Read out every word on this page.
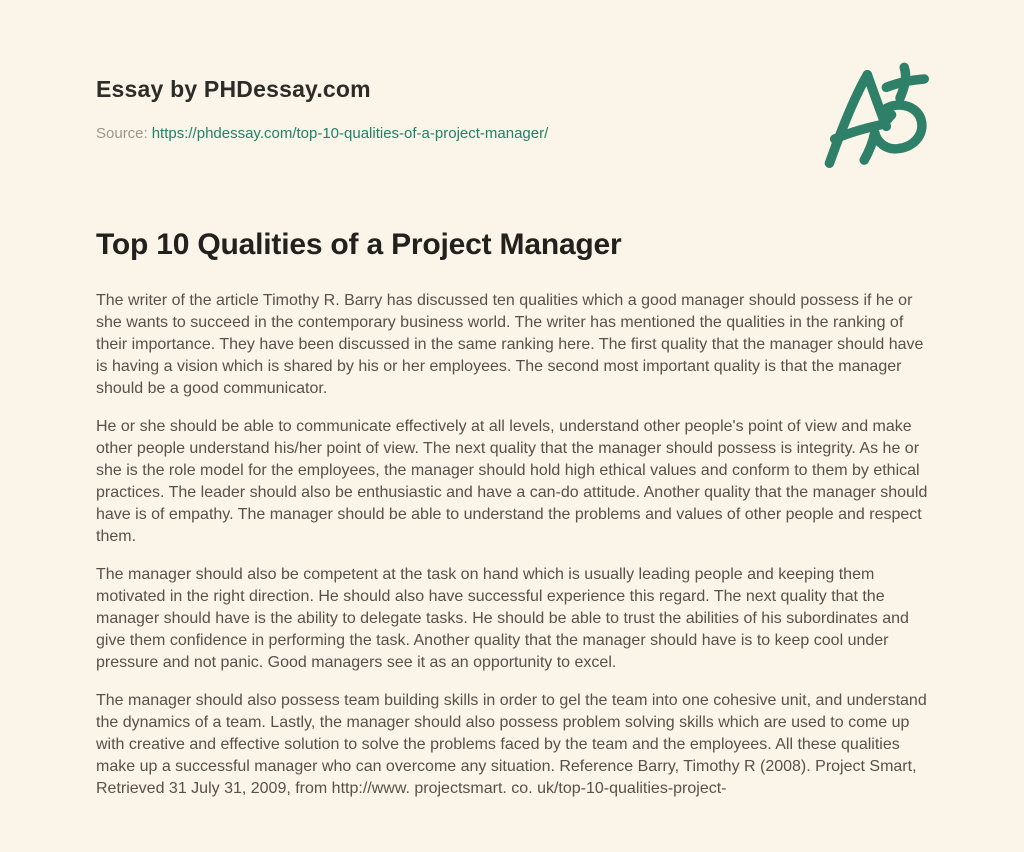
Essay by PHDessay.com
Source: https://phdessay.com/top-10-qualities-of-a-project-manager/
Top 10 Qualities of a Project Manager

The writer of the article Timothy R. Barry has discussed ten qualities which a good manager should possess if he or she wants to succeed in the contemporary business world. The writer has mentioned the qualities in the ranking of their importance. They have been discussed in the same ranking here. The first quality that the manager should have is having a vision which is shared by his or her employees. The second most important quality is that the manager should be a good communicator.

He or she should be able to communicate effectively at all levels, understand other people's point of view and make other people understand his/her point of view. The next quality that the manager should possess is integrity. As he or she is the role model for the employees, the manager should hold high ethical values and conform to them by ethical practices. The leader should also be enthusiastic and have a can-do attitude. Another quality that the manager should have is of empathy. The manager should be able to understand the problems and values of other people and respect them.

The manager should also be competent at the task on hand which is usually leading people and keeping them motivated in the right direction. He should also have successful experience this regard. The next quality that the manager should have is the ability to delegate tasks. He should be able to trust the abilities of his subordinates and give them confidence in performing the task. Another quality that the manager should have is to keep cool under pressure and not panic. Good managers see it as an opportunity to excel.

The manager should also possess team building skills in order to gel the team into one cohesive unit, and understand the dynamics of a team. Lastly, the manager should also possess problem solving skills which are used to come up with creative and effective solution to solve the problems faced by the team and the employees. All these qualities make up a successful manager who can overcome any situation. Reference Barry, Timothy R (2008). Project Smart, Retrieved 31 July 31, 2009, from http://www. projectsmart. co. uk/top-10-qualities-project-
